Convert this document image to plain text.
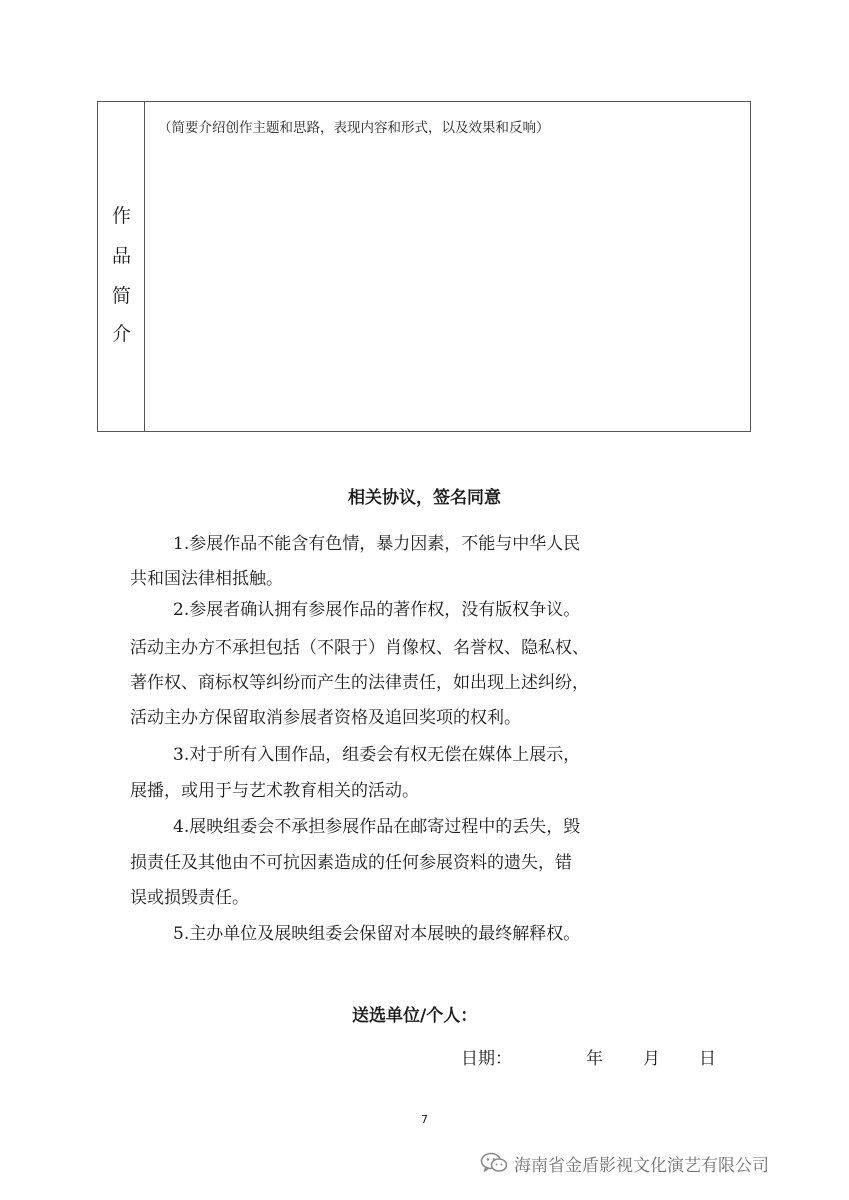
作
品
简
介
（简要介绍创作主题和思路，表现内容和形式，以及效果和反响）
相关协议，签名同意
1.参展作品不能含有色情，暴力因素，不能与中华人民
共和国法律相抵触。
2.参展者确认拥有参展作品的著作权，没有版权争议。
活动主办方不承担包括（不限于）肖像权、名誉权、隐私权、
著作权、商标权等纠纷而产生的法律责任，如出现上述纠纷，
活动主办方保留取消参展者资格及追回奖项的权利。
3.对于所有入围作品，组委会有权无偿在媒体上展示，
展播，或用于与艺术教育相关的活动。
4.展映组委会不承担参展作品在邮寄过程中的丢失，毁
损责任及其他由不可抗因素造成的任何参展资料的遗失，错
误或损毁责任。
5.主办单位及展映组委会保留对本展映的最终解释权。
送选单位/个人：
日期：	年 月 日
7
海南省金盾影视文化演艺有限公司
